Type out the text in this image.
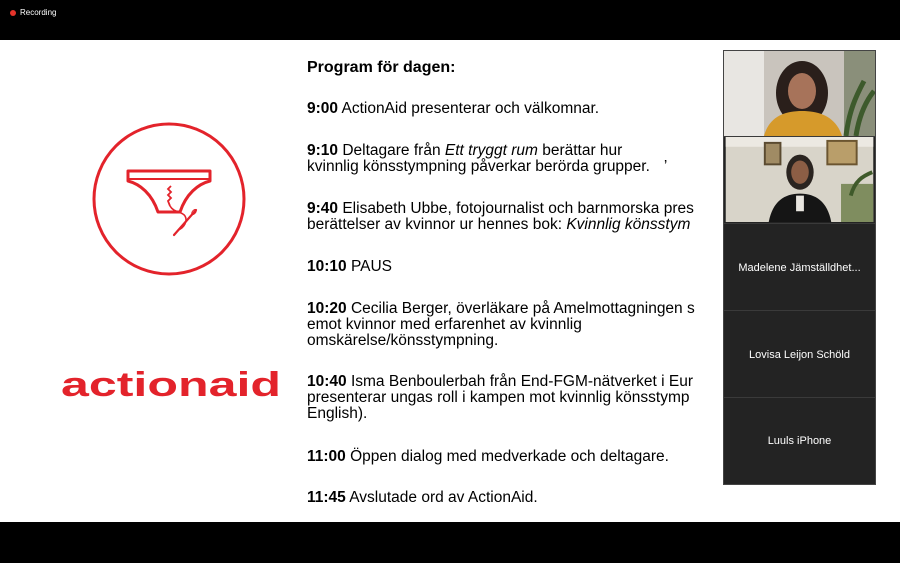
Recording
actionaid
Program för dagen:
9:00 ActionAid presenterar och välkomnar.
9:10 Deltagare från Ett tryggt rum berättar hur
kvinnlig könsstympning påverkar berörda grupper. ’
9:40 Elisabeth Ubbe, fotojournalist och barnmorska pres
berättelser av kvinnor ur hennes bok: Kvinnlig könsstym
10:10 PAUS
10:20 Cecilia Berger, överläkare på Amelmottagningen s
emot kvinnor med erfarenhet av kvinnlig
omskärelse/könsstympning.
10:40 Isma Benboulerbah från End-FGM-nätverket i Eur
presenterar ungas roll i kampen mot kvinnlig könsstymp
English).
11:00 Öppen dialog med medverkade och deltagare.
11:45 Avslutade ord av ActionAid.
Madelene Jämställdhet...
Lovisa Leijon Schöld
Luuls iPhone
